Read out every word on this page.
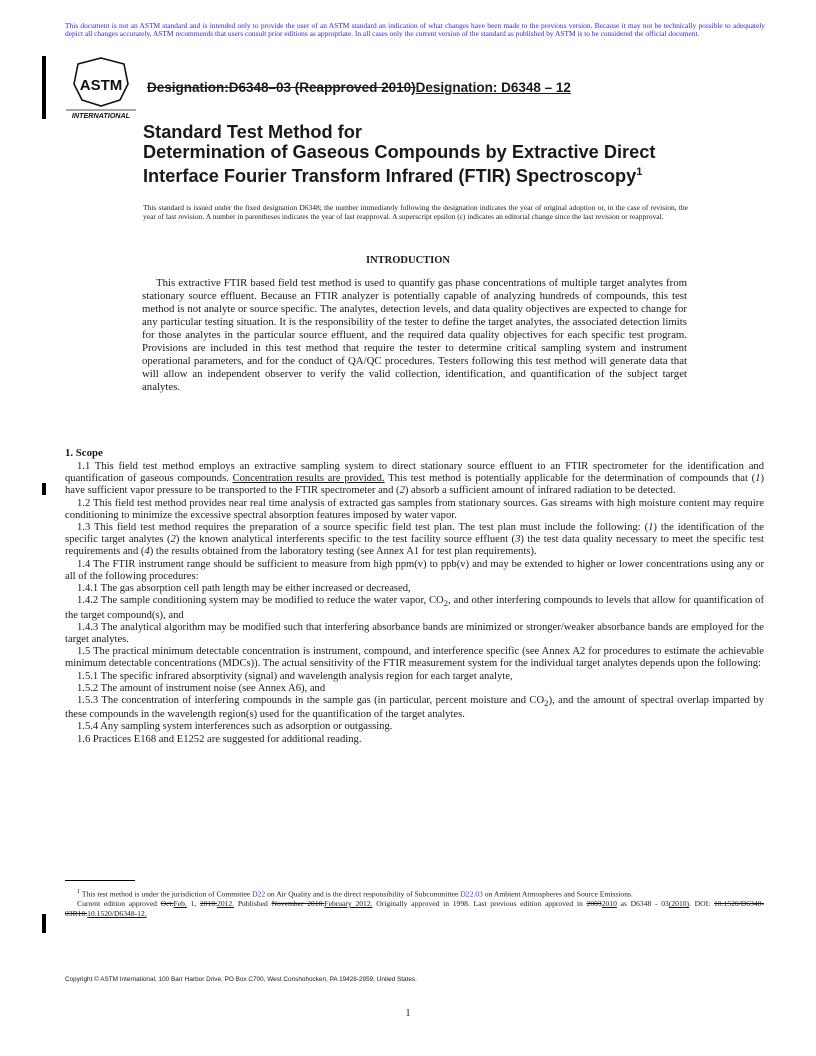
This document is not an ASTM standard and is intended only to provide the user of an ASTM standard an indication of what changes have been made to the previous version. Because it may not be technically possible to adequately depict all changes accurately, ASTM recommends that users consult prior editions as appropriate. In all cases only the current version of the standard as published by ASTM is to be considered the official document.
ASTM
INTERNATIONAL
Designation:D6348–03 (Reapproved 2010)Designation: D6348 – 12
Standard Test Method for
Determination of Gaseous Compounds by Extractive Direct
Interface Fourier Transform Infrared (FTIR) Spectroscopy$^1$
This standard is issued under the fixed designation D6348; the number immediately following the designation indicates the year of original adoption or, in the case of revision, the year of last revision. A number in parentheses indicates the year of last reapproval. A superscript epsilon (ε) indicates an editorial change since the last revision or reapproval.
INTRODUCTION
This extractive FTIR based field test method is used to quantify gas phase concentrations of multiple target analytes from stationary source effluent. Because an FTIR analyzer is potentially capable of analyzing hundreds of compounds, this test method is not analyte or source specific. The analytes, detection levels, and data quality objectives are expected to change for any particular testing situation. It is the responsibility of the tester to define the target analytes, the associated detection limits for those analytes in the particular source effluent, and the required data quality objectives for each specific test program. Provisions are included in this test method that require the tester to determine critical sampling system and instrument operational parameters, and for the conduct of QA/QC procedures. Testers following this test method will generate data that will allow an independent observer to verify the valid collection, identification, and quantification of the subject target analytes.
1. Scope

1.1 This field test method employs an extractive sampling system to direct stationary source effluent to an FTIR spectrometer for the identification and quantification of gaseous compounds. Concentration results are provided. This test method is potentially applicable for the determination of compounds that (1) have sufficient vapor pressure to be transported to the FTIR spectrometer and (2) absorb a sufficient amount of infrared radiation to be detected.

1.2 This field test method provides near real time analysis of extracted gas samples from stationary sources. Gas streams with high moisture content may require conditioning to minimize the excessive spectral absorption features imposed by water vapor.

1.3 This field test method requires the preparation of a source specific field test plan. The test plan must include the following: (1) the identification of the specific target analytes (2) the known analytical interferents specific to the test facility source effluent (3) the test data quality necessary to meet the specific test requirements and (4) the results obtained from the laboratory testing (see Annex A1 for test plan requirements).

1.4 The FTIR instrument range should be sufficient to measure from high ppm(v) to ppb(v) and may be extended to higher or lower concentrations using any or all of the following procedures:

1.4.1 The gas absorption cell path length may be either increased or decreased,

1.4.2 The sample conditioning system may be modified to reduce the water vapor, $CO_2$, and other interfering compounds to levels that allow for quantification of the target compound(s), and

1.4.3 The analytical algorithm may be modified such that interfering absorbance bands are minimized or stronger/weaker absorbance bands are employed for the target analytes.

1.5 The practical minimum detectable concentration is instrument, compound, and interference specific (see Annex A2 for procedures to estimate the achievable minimum detectable concentrations (MDCs)). The actual sensitivity of the FTIR measurement system for the individual target analytes depends upon the following:

1.5.1 The specific infrared absorptivity (signal) and wavelength analysis region for each target analyte,

1.5.2 The amount of instrument noise (see Annex A6), and

1.5.3 The concentration of interfering compounds in the sample gas (in particular, percent moisture and $CO_2$), and the amount of spectral overlap imparted by these compounds in the wavelength region(s) used for the quantification of the target analytes.

1.5.4 Any sampling system interferences such as adsorption or outgassing.

1.6 Practices E168 and E1252 are suggested for additional reading.

$^1$ This test method is under the jurisdiction of Committee D22 on Air Quality and is the direct responsibility of Subcommittee D22.03 on Ambient Atmospheres and Source Emissions.

Current edition approved Oct.Feb. 1, 2010.2012. Published November 2010.February 2012. Originally approved in 1998. Last previous edition approved in 20032010 as D6348 - 03(2010). DOI: 10.1520/D6348-03R10.10.1520/D6348-12.

Copyright © ASTM International, 100 Barr Harbor Drive, PO Box C700, West Conshohocken, PA 19428-2959, United States.
1
